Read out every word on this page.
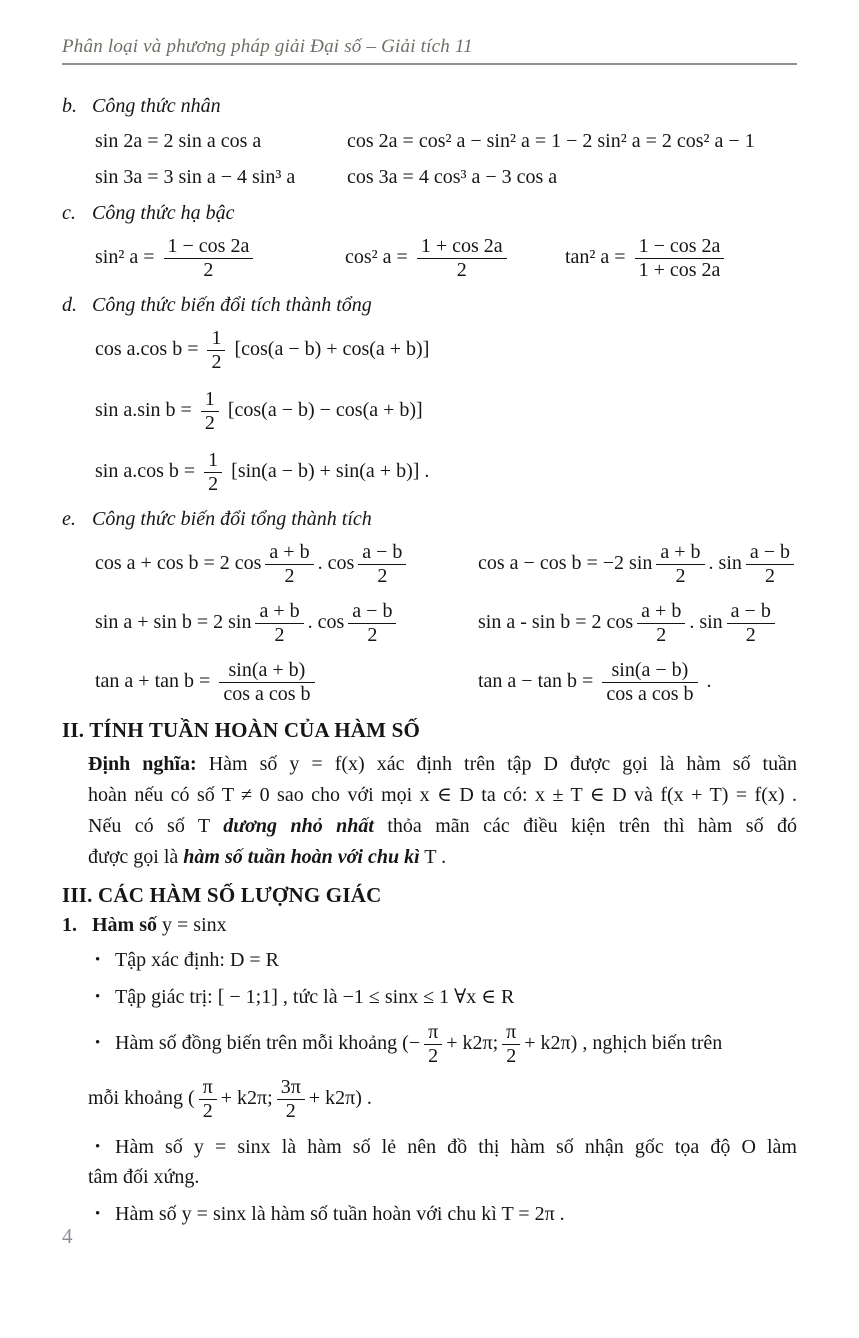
Phân loại và phương pháp giải Đại số – Giải tích 11
b. Công thức nhân
sin 2a = 2 sin a cos a	cos 2a = cos² a − sin² a = 1 − 2 sin² a = 2 cos² a − 1
sin 3a = 3 sin a − 4 sin³ a	cos 3a = 4 cos³ a − 3 cos a
c. Công thức hạ bậc
sin² $a = \frac{1 - \cos 2a}{2}$	cos² $a = \frac{1 + \cos 2a}{2}$	tan² $a = \frac{1 - \cos 2a}{1 + \cos 2a}$
d. Công thức biến đổi tích thành tổng
cos a.cos $b = \frac{1}{2} [\cos(a - b) + \cos(a + b)]$
sin a.sin $b = \frac{1}{2} [\cos(a - b) - \cos(a + b)]$
sin a.cos $b = \frac{1}{2} [\sin(a - b) + \sin(a + b)]$ .
e. Công thức biến đổi tổng thành tích
cos a + cos b = 2 $\cos \frac{a + b}{2}$ . $\cos \frac{a - b}{2}$	cos a − cos b = −2 $\sin \frac{a + b}{2}$ . $\sin \frac{a - b}{2}$
sin a + sin b = 2 $\sin \frac{a + b}{2}$ . $\cos \frac{a - b}{2}$	sin a - sin b = 2 $\cos \frac{a + b}{2}$ . $\sin \frac{a - b}{2}$
$\tan a + \tan b = \frac{\sin(a + b)}{\text{cos a cos b}}$	$\tan a - \tan b = \frac{\sin(a - b)}{\text{cos a cos b}}$ .
II. TÍNH TUẦN HOÀN CỦA HÀM SỐ
Định nghĩa: Hàm số y = f(x) xác định trên tập D được gọi là hàm số tuần
hoàn nếu có số T ≠ 0 sao cho với mọi x ∈ D ta có: x ± T ∈ D và f(x + T) = f(x) .
Nếu có số T dương nhỏ nhất thỏa mãn các điều kiện trên thì hàm số đó
được gọi là hàm số tuần hoàn với chu kì T .
III. CÁC HÀM SỐ LƯỢNG GIÁC
1. Hàm số y = sinx
• Tập xác định: D = R
• Tập giác trị: [ − 1;1] , tức là −1 ≤ sinx ≤ 1 ∀x ∈ R
• Hàm số đồng biến trên mỗi khoảng (− $\frac{\pi}{2} + k2\pi$; $\frac{\pi}{2} + k2\pi$) , nghịch biến trên
mỗi khoảng ( $\frac{\pi}{2} + k2\pi$; $\frac{3\pi}{2} + k2\pi$) .
• Hàm số y = sinx là hàm số lẻ nên đồ thị hàm số nhận gốc tọa độ O làm
tâm đối xứng.
• Hàm số y = sinx là hàm số tuần hoàn với chu kì T = 2π .
4
